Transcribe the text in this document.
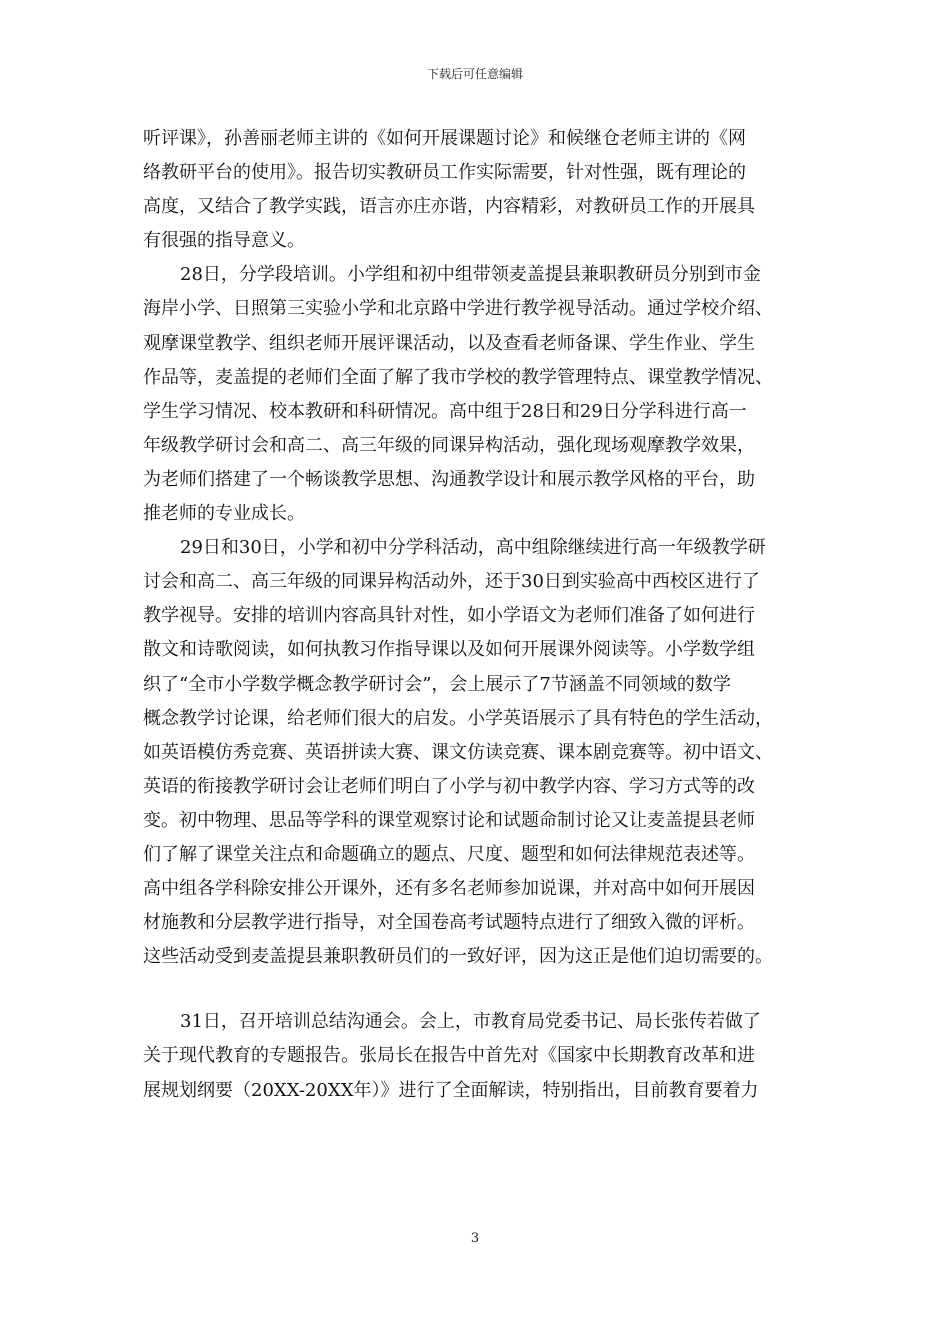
下载后可任意编辑
听评课》，孙善丽老师主讲的《如何开展课题讨论》和候继仓老师主讲的《网
络教研平台的使用》。报告切实教研员工作实际需要，针对性强，既有理论的
高度，又结合了教学实践，语言亦庄亦谐，内容精彩，对教研员工作的开展具
有很强的指导意义。
28日，分学段培训。小学组和初中组带领麦盖提县兼职教研员分别到市金
海岸小学、日照第三实验小学和北京路中学进行教学视导活动。通过学校介绍、
观摩课堂教学、组织老师开展评课活动，以及查看老师备课、学生作业、学生
作品等，麦盖提的老师们全面了解了我市学校的教学管理特点、课堂教学情况、
学生学习情况、校本教研和科研情况。高中组于28日和29日分学科进行高一
年级教学研讨会和高二、高三年级的同课异构活动，强化现场观摩教学效果，
为老师们搭建了一个畅谈教学思想、沟通教学设计和展示教学风格的平台，助
推老师的专业成长。
29日和30日，小学和初中分学科活动，高中组除继续进行高一年级教学研
讨会和高二、高三年级的同课异构活动外，还于30日到实验高中西校区进行了
教学视导。安排的培训内容高具针对性，如小学语文为老师们准备了如何进行
散文和诗歌阅读，如何执教习作指导课以及如何开展课外阅读等。小学数学组
织了“全市小学数学概念教学研讨会”，会上展示了7节涵盖不同领域的数学
概念教学讨论课，给老师们很大的启发。小学英语展示了具有特色的学生活动，
如英语模仿秀竞赛、英语拼读大赛、课文仿读竞赛、课本剧竞赛等。初中语文、
英语的衔接教学研讨会让老师们明白了小学与初中教学内容、学习方式等的改
变。初中物理、思品等学科的课堂观察讨论和试题命制讨论又让麦盖提县老师
们了解了课堂关注点和命题确立的题点、尺度、题型和如何法律规范表述等。
高中组各学科除安排公开课外，还有多名老师参加说课，并对高中如何开展因
材施教和分层教学进行指导，对全国卷高考试题特点进行了细致入微的评析。
这些活动受到麦盖提县兼职教研员们的一致好评，因为这正是他们迫切需要的。
31日，召开培训总结沟通会。会上，市教育局党委书记、局长张传若做了
关于现代教育的专题报告。张局长在报告中首先对《国家中长期教育改革和进
展规划纲要（20XX-20XX年）》进行了全面解读，特别指出，目前教育要着力
3
